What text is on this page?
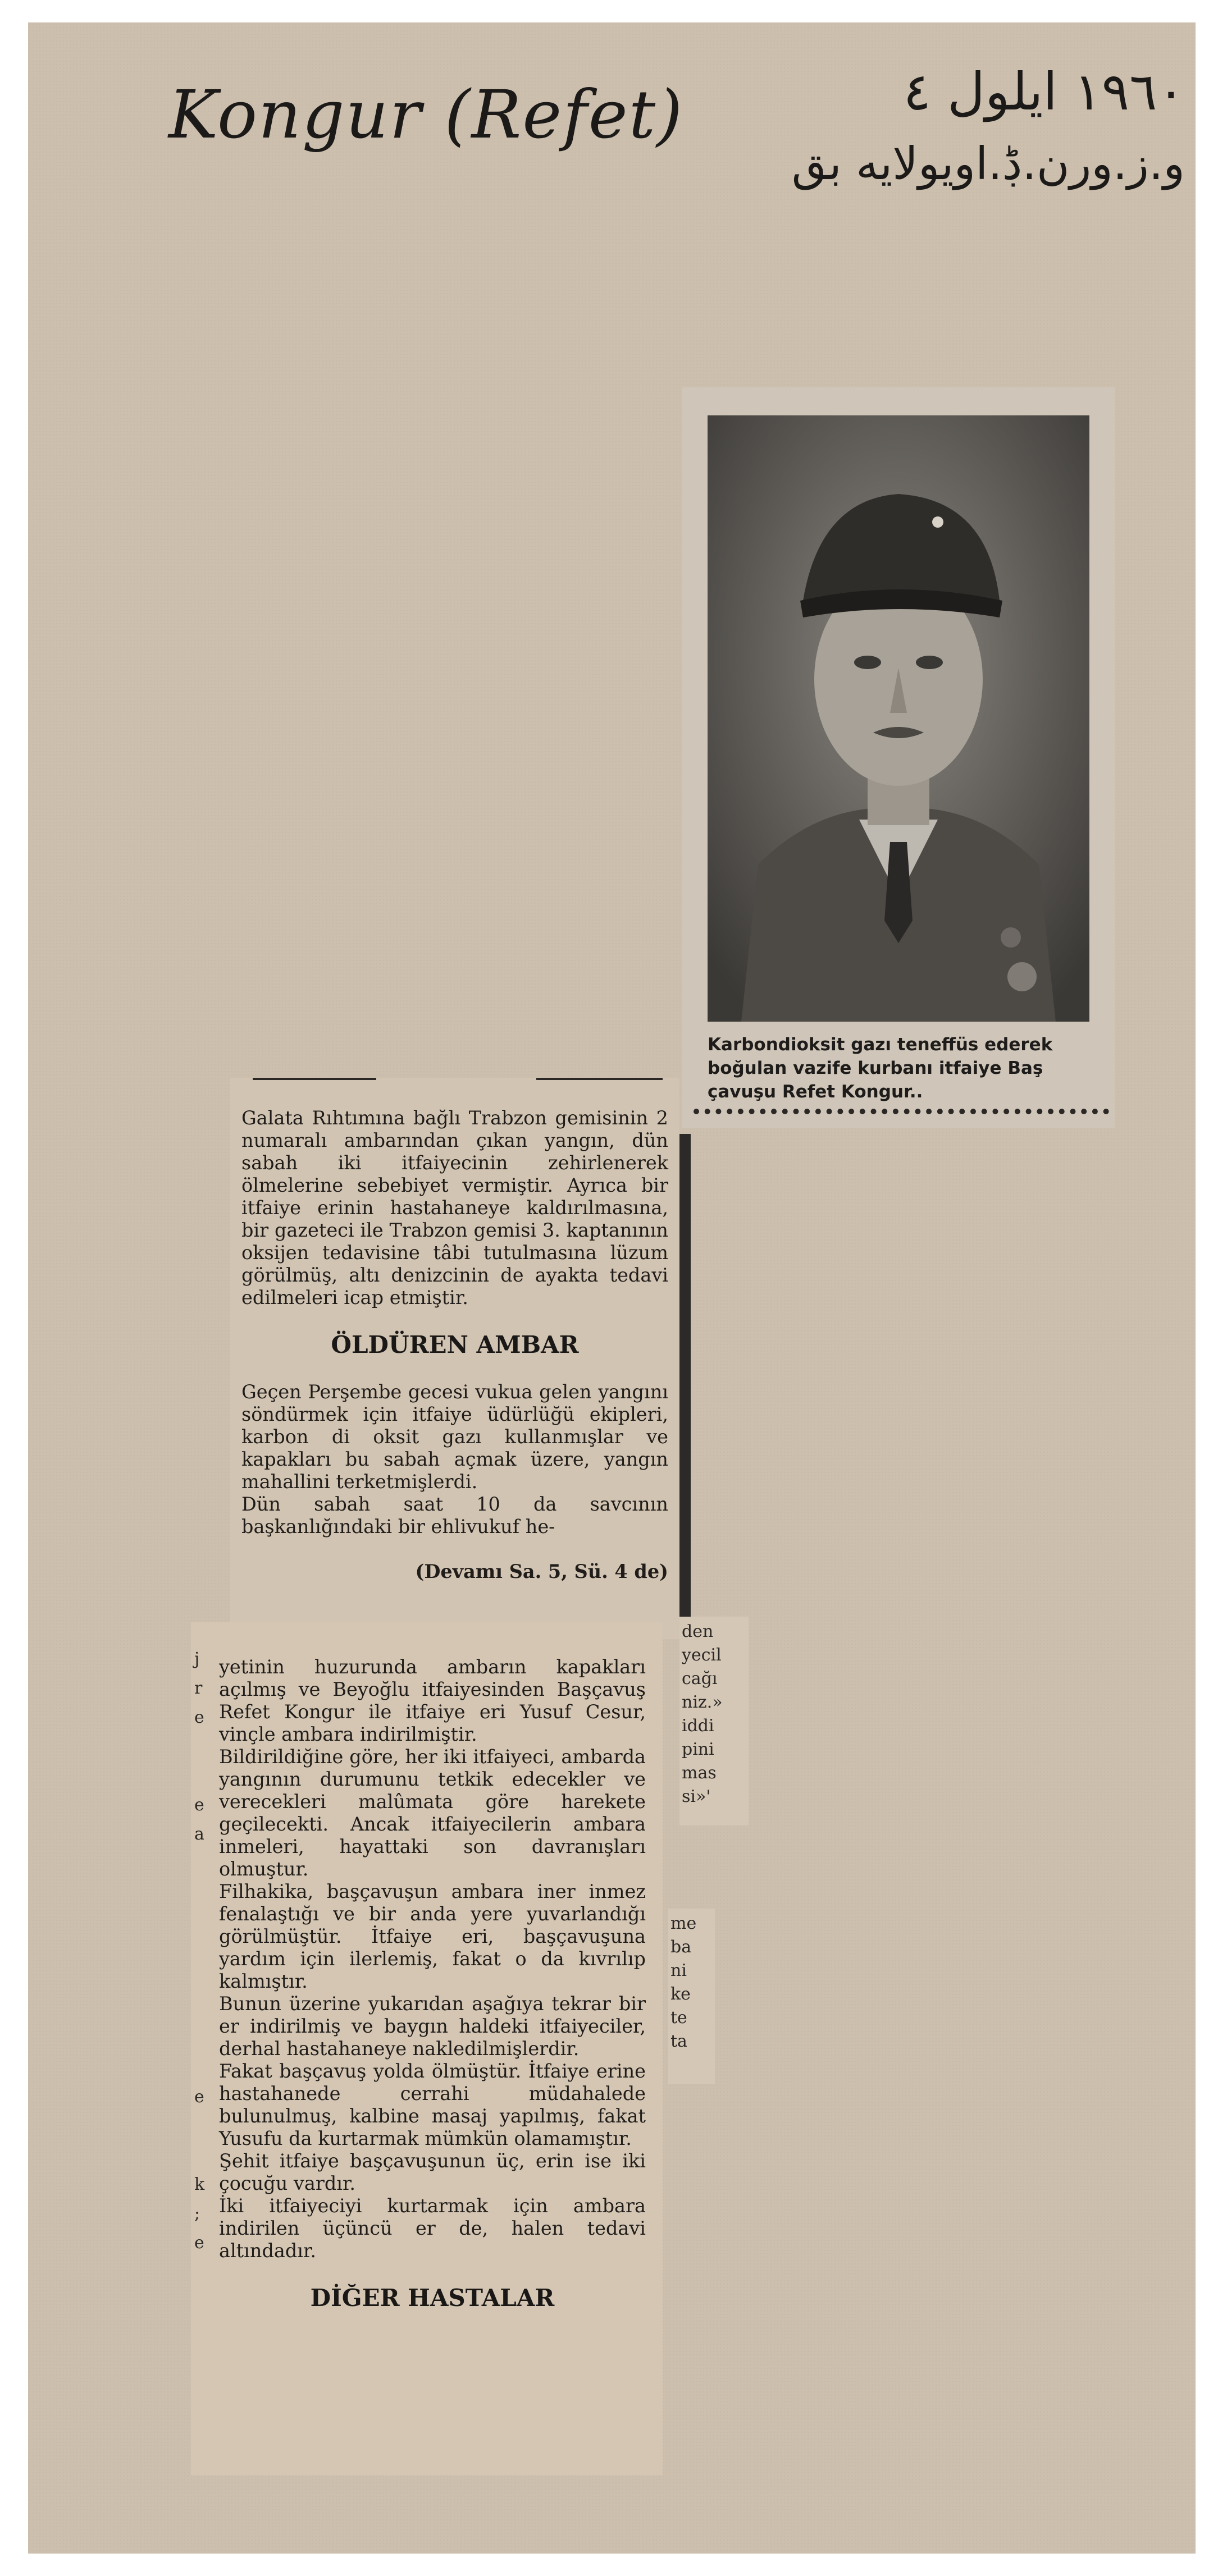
Kongur (Refet)	١٩٦٠ ايلول ٤
و.ز.ورن.ڋ.اويولايه بق
Karbondioksit gazı teneffüs ederek boğulan vazife kurbanı itfaiye Baş çavuşu Refet Kongur..

Galata Rıhtımına bağlı Trabzon gemisinin 2 numaralı ambarından çıkan yangın, dün sabah iki itfaiyecinin zehirlenerek ölmelerine sebebiyet vermiştir. Ayrıca bir itfaiye erinin hastahaneye kaldırılmasına, bir gazeteci ile Trabzon gemisi 3. kaptanının oksijen tedavisine tâbi tutulmasına lüzum görülmüş, altı denizcinin de ayakta tedavi edilmeleri icap etmiştir.

ÖLDÜREN AMBAR

Geçen Perşembe gecesi vukua gelen yangını söndürmek için itfaiye üdürlüğü ekipleri, karbon di oksit gazı kullanmışlar ve kapakları bu sabah açmak üzere, yangın mahallini terketmişlerdi.
Dün sabah saat 10 da savcının başkanlığındaki bir ehlivukuf he-

(Devamı Sa. 5, Sü. 4 de)

j
r
e

e
a

e

k
;
e

yetinin huzurunda ambarın kapakları açılmış ve Beyoğlu itfaiyesinden Başçavuş Refet Kongur ile itfaiye eri Yusuf Cesur, vinçle ambara indirilmiştir.
Bildirildiğine göre, her iki itfaiyeci, ambarda yangının durumunu tetkik edecekler ve verecekleri malûmata göre harekete geçilecekti. Ancak itfaiyecilerin ambara inmeleri, hayattaki son davranışları olmuştur.
Filhakika, başçavuşun ambara iner inmez fenalaştığı ve bir anda yere yuvarlandığı görülmüştür. İtfaiye eri, başçavuşuna yardım için ilerlemiş, fakat o da kıvrılıp kalmıştır.
Bunun üzerine yukarıdan aşağıya tekrar bir er indirilmiş ve baygın haldeki itfaiyeciler, derhal hastahaneye nakledilmişlerdir.
Fakat başçavuş yolda ölmüştür. İtfaiye erine hastahanede cerrahi müdahalede bulunulmuş, kalbine masaj yapılmış, fakat Yusufu da kurtarmak mümkün olamamıştır.
Şehit itfaiye başçavuşunun üç, erin ise iki çocuğu vardır.
İki itfaiyeciyi kurtarmak için ambara indirilen üçüncü er de, halen tedavi altındadır.

DİĞER HASTALAR

den
yecil
cağı
niz.»
iddi
pini
mas
si»'
me
ba
ni
ke
te
ta
